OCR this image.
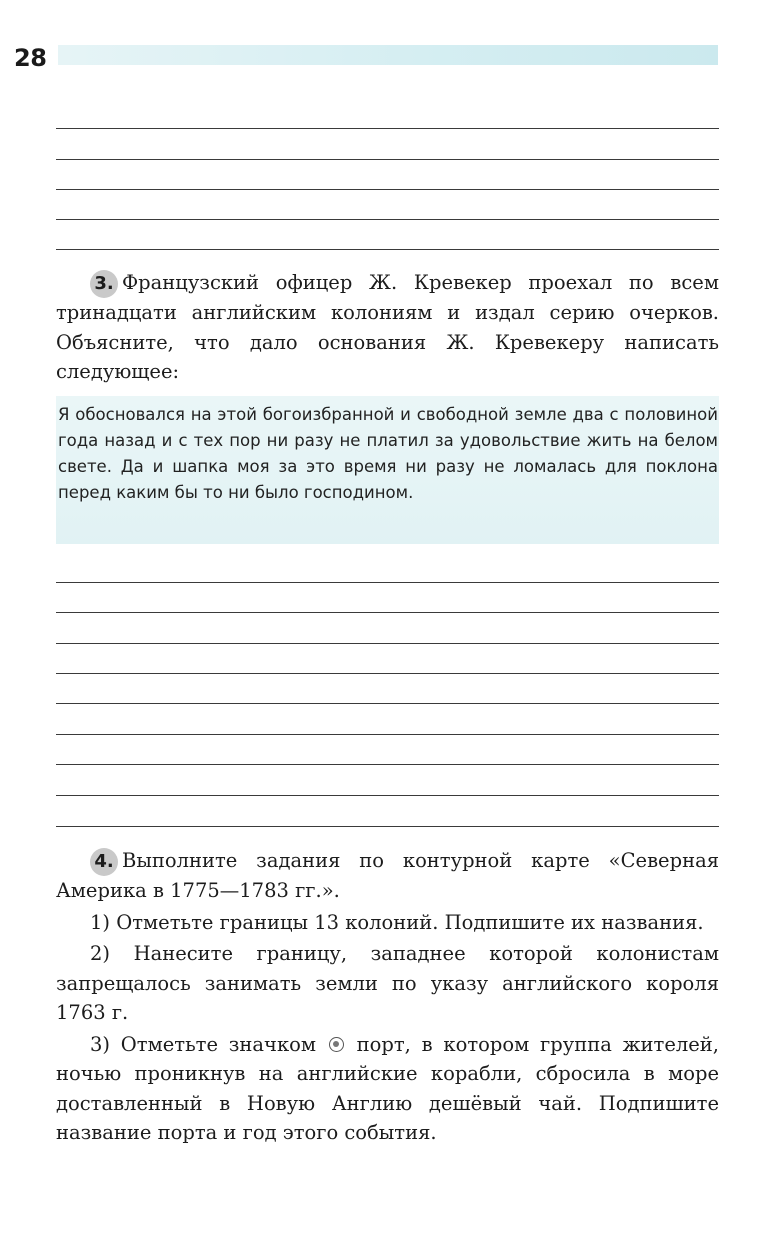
28

3. Французский офицер Ж. Кревекер проехал по всем тринадцати английским колониям и издал серию очерков. Объясните, что дало основания Ж. Кревекеру написать следующее:

Я обосновался на этой богоизбранной и свободной земле два с половиной года назад и с тех пор ни разу не платил за удовольствие жить на белом свете. Да и шапка моя за это время ни разу не ломалась для поклона перед каким бы то ни было господином.

4. Выполните задания по контурной карте «Северная Америка в 1775—1783 гг.».

1) Отметьте границы 13 колоний. Подпишите их названия.

2) Нанесите границу, западнее которой колонистам запрещалось занимать земли по указу английского короля 1763 г.

3) Отметьте значком порт, в котором группа жителей, ночью проникнув на английские корабли, сбросила в море доставленный в Новую Англию дешёвый чай. Подпишите название порта и год этого события.
